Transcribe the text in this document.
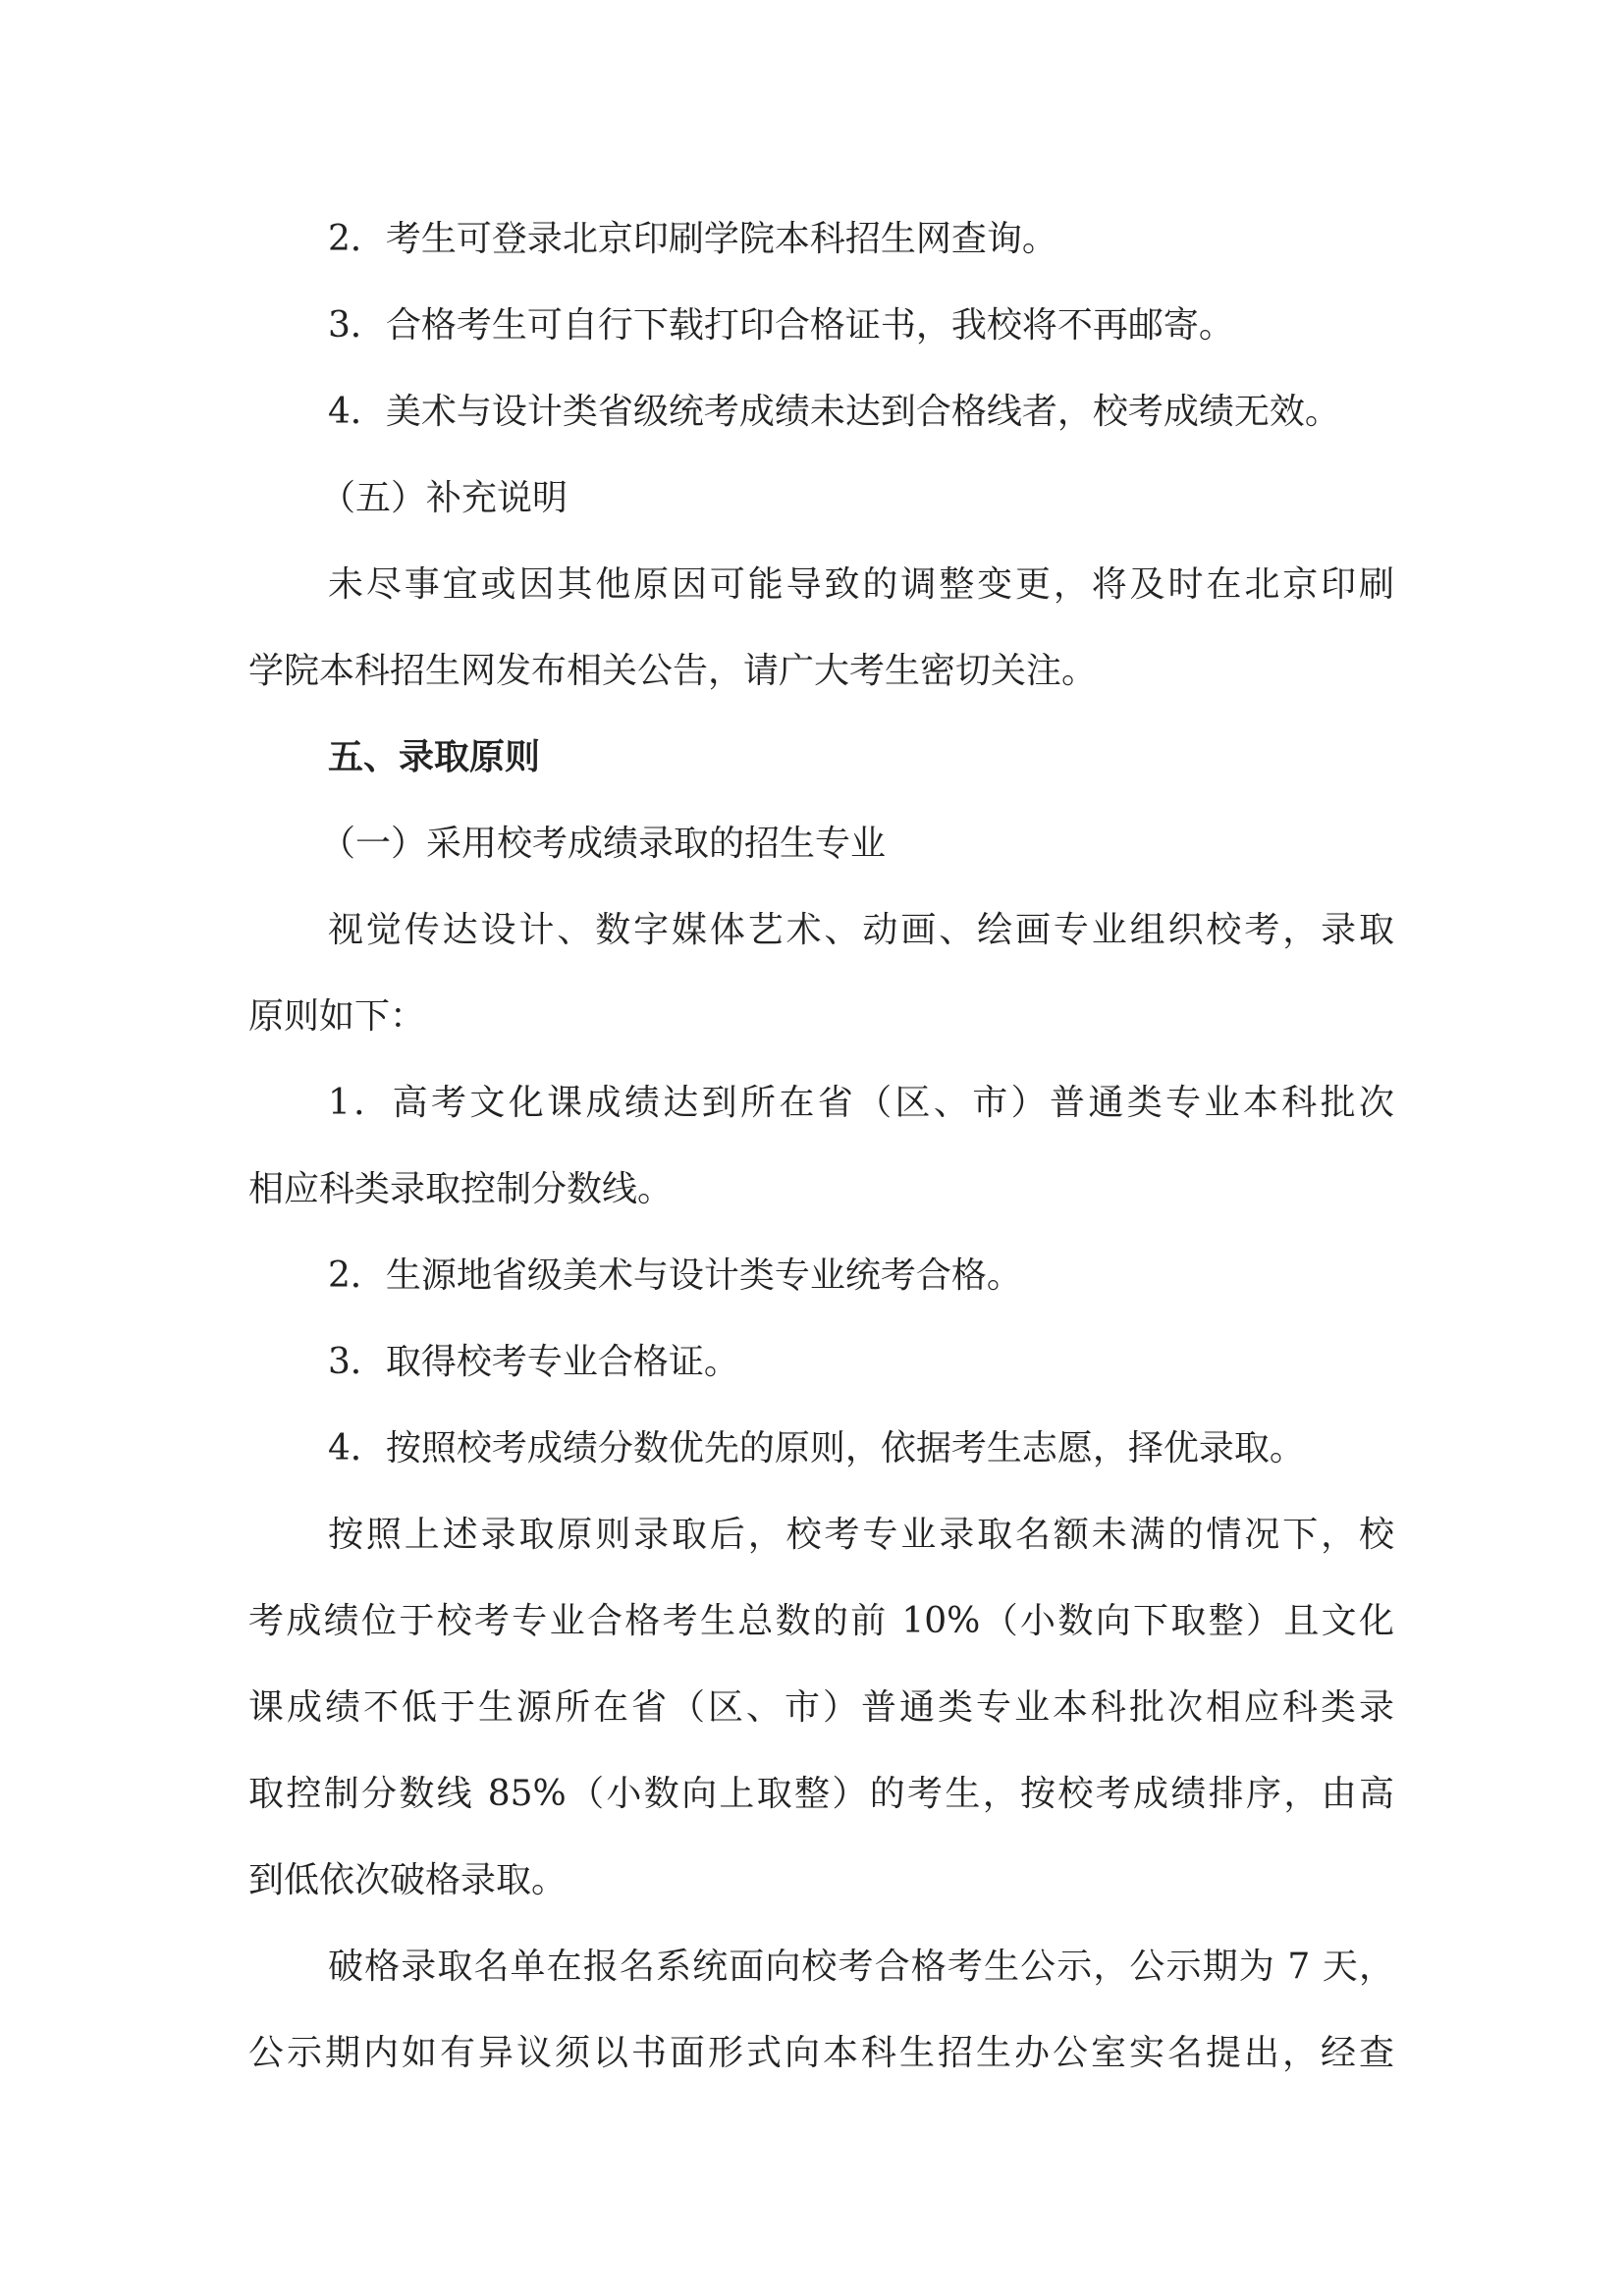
2．考生可登录北京印刷学院本科招生网查询。
3．合格考生可自行下载打印合格证书，我校将不再邮寄。
4．美术与设计类省级统考成绩未达到合格线者，校考成绩无效。
（五）补充说明
未尽事宜或因其他原因可能导致的调整变更，将及时在北京印刷
学院本科招生网发布相关公告，请广大考生密切关注。
五、录取原则
（一）采用校考成绩录取的招生专业
视觉传达设计、数字媒体艺术、动画、绘画专业组织校考，录取
原则如下：
1．高考文化课成绩达到所在省（区、市）普通类专业本科批次
相应科类录取控制分数线。
2．生源地省级美术与设计类专业统考合格。
3．取得校考专业合格证。
4．按照校考成绩分数优先的原则，依据考生志愿，择优录取。
按照上述录取原则录取后，校考专业录取名额未满的情况下，校
考成绩位于校考专业合格考生总数的前 10%（小数向下取整）且文化
课成绩不低于生源所在省（区、市）普通类专业本科批次相应科类录
取控制分数线 85%（小数向上取整）的考生，按校考成绩排序，由高
到低依次破格录取。
破格录取名单在报名系统面向校考合格考生公示，公示期为 7 天，
公示期内如有异议须以书面形式向本科生招生办公室实名提出，经查
